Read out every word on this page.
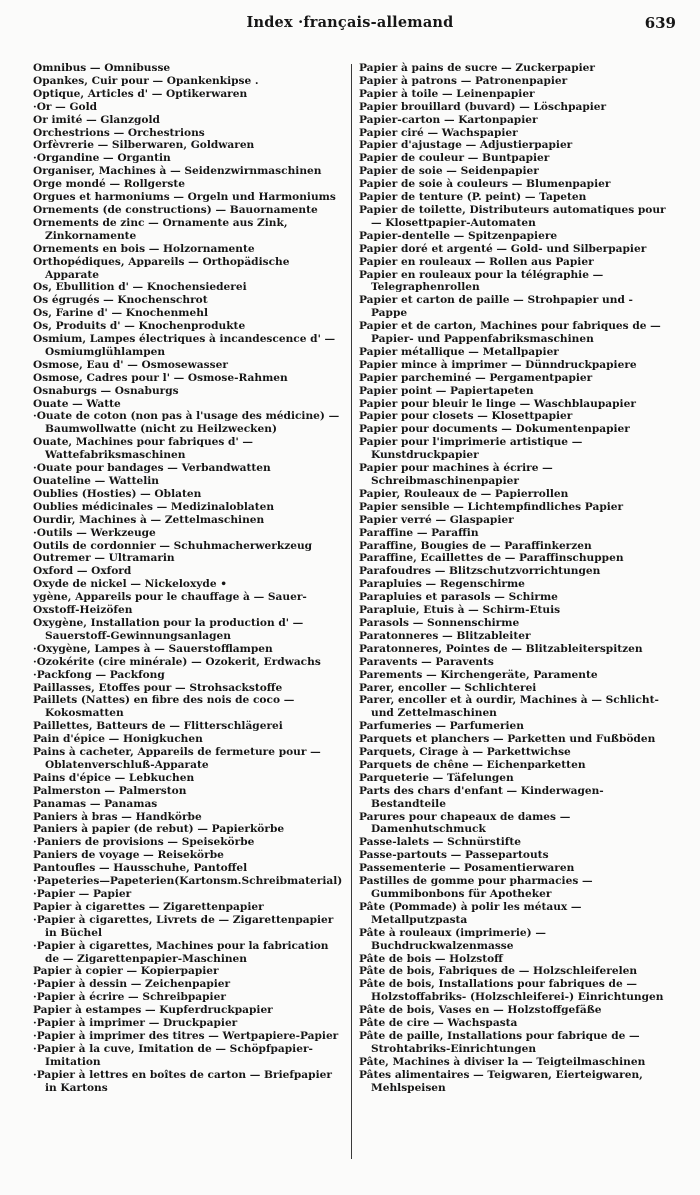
Index ·français-allemand	639
Omnibus — Omnibusse
Opankes, Cuir pour — Opankenkipse .
Optique, Articles d' — Optikerwaren
·Or — Gold
Or imité — Glanzgold
Orchestrions — Orchestrions
Orfèvrerie — Silberwaren, Goldwaren
·Organdine — Organtin
Organiser, Machines à — Seidenzwirnmaschinen
Orge mondé — Rollgerste
Orgues et harmoniums — Orgeln und Harmoniums
Ornements (de constructions) — Bauornamente
Ornements de zinc — Ornamente aus Zink, Zinkornamente
Ornements en bois — Holzornamente
Orthopédiques, Appareils — Orthopädische Apparate
Os, Ebullition d' — Knochensiederei
Os égrugés — Knochenschrot
Os, Farine d' — Knochenmehl
Os, Produits d' — Knochenprodukte
Osmium, Lampes électriques à incandescence d' — Osmiumglühlampen
Osmose, Eau d' — Osmosewasser
Osmose, Cadres pour l' — Osmose-Rahmen
Osnaburgs — Osnaburgs
Ouate — Watte
·Ouate de coton (non pas à l'usage des médicine) — Baumwollwatte (nicht zu Heilzwecken)
Ouate, Machines pour fabriques d' — Wattefabriksmaschinen
·Ouate pour bandages — Verbandwatten
Ouateline — Wattelin
Oublies (Hosties) — Oblaten
Oublies médicinales — Medizinaloblaten
Ourdir, Machines à — Zettelmaschinen
·Outils — Werkzeuge
Outils de cordonnier — Schuhmacherwerkzeug
Outremer — Ultramarin
Oxford — Oxford
Oxyde de nickel — Nickeloxyde •
ygène, Appareils pour le chauffage à — Sauer-
Oxstoff-Heizöfen
Oxygène, Installation pour la production d' — Sauerstoff-Gewinnungsanlagen
·Oxygène, Lampes à — Sauerstofflampen
·Ozokérite (cire minérale) — Ozokerit, Erdwachs
·Packfong — Packfong
Paillasses, Etoffes pour — Strohsackstoffe
Paillets (Nattes) en fibre des nois de coco — Kokosmatten
Paillettes, Batteurs de — Flitterschlägerei
Pain d'épice — Honigkuchen
Pains à cacheter, Appareils de fermeture pour — Oblatenverschluß-Apparate
Pains d'épice — Lebkuchen
Palmerston — Palmerston
Panamas — Panamas
Paniers à bras — Handkörbe
Paniers à papier (de rebut) — Papierkörbe
·Paniers de provisions — Speisekörbe
Paniers de voyage — Reisekörbe
Pantoufles — Hausschuhe, Pantoffel
·Papeteries—Papeterien(Kartonsm.Schreibmaterial)
·Papier — Papier
Papier à cigarettes — Zigarettenpapier
·Papier à cigarettes, Livrets de — Zigarettenpapier in Büchel
·Papier à cigarettes, Machines pour la fabrication de — Zigarettenpapier-Maschinen
Papier à copier — Kopierpapier
·Papier à dessin — Zeichenpapier
·Papier à écrire — Schreibpapier
Papier à estampes — Kupferdruckpapier
·Papier à imprimer — Druckpapier
·Papier à imprimer des titres — Wertpapiere-Papier
·Papier à la cuve, Imitation de — Schöpfpapier-Imitation
·Papier à lettres en boîtes de carton — Briefpapier in Kartons
Papier à pains de sucre — Zuckerpapier
Papier à patrons — Patronenpapier
Papier à toile — Leinenpapier
Papier brouillard (buvard) — Löschpapier
Papier-carton — Kartonpapier
Papier ciré — Wachspapier
Papier d'ajustage — Adjustierpapier
Papier de couleur — Buntpapier
Papier de soie — Seidenpapier
Papier de soie à couleurs — Blumenpapier
Papier de tenture (P. peint) — Tapeten
Papier de toilette, Distributeurs automatiques pour — Klosettpapier-Automaten
Papier-dentelle — Spitzenpapiere
Papier doré et argenté — Gold- und Silberpapier
Papier en rouleaux — Rollen aus Papier
Papier en rouleaux pour la télégraphie — Telegraphenrollen
Papier et carton de paille — Strohpapier und -Pappe
Papier et de carton, Machines pour fabriques de — Papier- und Pappenfabriksmaschinen
Papier métallique — Metallpapier
Papier mince à imprimer — Dünndruckpapiere
Papier parcheminé — Pergamentpapier
Papier point — Papiertapeten
Papier pour bleuir le linge — Waschblaupapier
Papier pour closets — Klosettpapier
Papier pour documents — Dokumentenpapier
Papier pour l'imprimerie artistique — Kunstdruckpapier
Papier pour machines à écrire — Schreibmaschinenpapier
Papier, Rouleaux de — Papierrollen
Papier sensible — Lichtempfindliches Papier
Papier verré — Glaspapier
Paraffine — Paraffin
Paraffine, Bougies de — Paraffinkerzen
Paraffine, Ecaillettes de — Paraffinschuppen
Parafoudres — Blitzschutzvorrichtungen
Parapluies — Regenschirme
Parapluies et parasols — Schirme
Parapluie, Etuis à — Schirm-Etuis
Parasols — Sonnenschirme
Paratonneres — Blitzableiter
Paratonneres, Pointes de — Blitzableiterspitzen
Paravents — Paravents
Parements — Kirchengeräte, Paramente
Parer, encoller — Schlichterei
Parer, encoller et à ourdir, Machines à — Schlicht- und Zettelmaschinen
Parfumeries — Parfumerien
Parquets et planchers — Parketten und Fußböden
Parquets, Cirage à — Parkettwichse
Parquets de chêne — Eichenparketten
Parqueterie — Täfelungen
Parts des chars d'enfant — Kinderwagen-Bestandteile
Parures pour chapeaux de dames — Damenhutschmuck
Passe-lalets — Schnürstifte
Passe-partouts — Passepartouts
Passementerie — Posamentierwaren
Pastilles de gomme pour pharmacies — Gummibonbons für Apotheker
Pâte (Pommade) à polir les métaux — Metallputzpasta
Pâte à rouleaux (imprimerie) — Buchdruckwalzenmasse
Pâte de bois — Holzstoff
Pâte de bois, Fabriques de — Holzschleiferelen
Pâte de bois, Installations pour fabriques de — Holzstoffabriks- (Holzschleiferei-) Einrichtungen
Pâte de bois, Vases en — Holzstoffgefäße
Pâte de cire — Wachspasta
Pâte de paille, Installations pour fabrique de — Strohtabriks-Einrichtungen
Pâte, Machines à diviser la — Teigteilmaschinen
Pâtes alimentaires — Teigwaren, Eierteigwaren, Mehlspeisen
